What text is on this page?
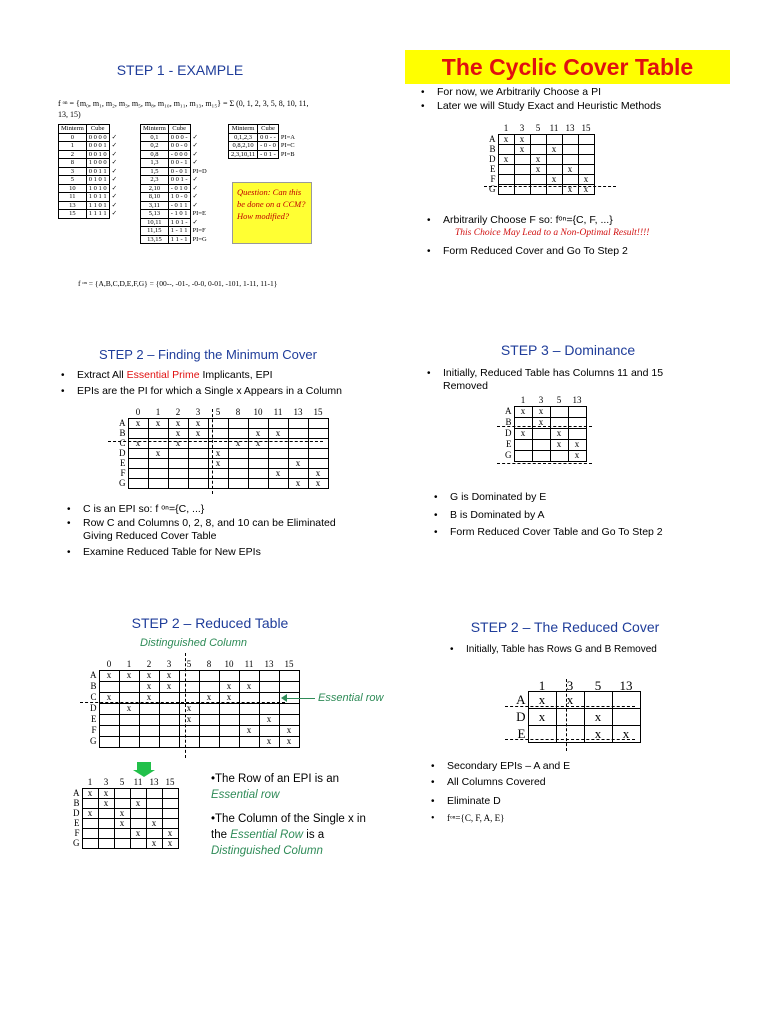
STEP 1 - EXAMPLE
f ᵒⁿ = {m₀, m₁, m₂, m₃, m₅, m₈, m₁₀, m₁₁, m₁₃, m₁₅} = Σ (0, 1, 2, 3, 5, 8, 10, 11, 13, 15)
Minterm	Cube	
0	0 0 0 0	✓
1	0 0 0 1	✓
2	0 0 1 0	✓
8	1 0 0 0	✓
3	0 0 1 1	✓
5	0 1 0 1	✓
10	1 0 1 0	✓
11	1 0 1 1	✓
13	1 1 0 1	✓
15	1 1 1 1	✓
Minterm	Cube	
0,1	0 0 0 -	✓
0,2	0 0 - 0	✓
0,8	- 0 0 0	✓
1,3	0 0 - 1	✓
1,5	0 - 0 1	PI=D
2,3	0 0 1 -	✓
2,10	- 0 1 0	✓
8,10	1 0 - 0	✓
3,11	- 0 1 1	✓
5,13	- 1 0 1	PI=E
10,11	1 0 1 -	✓
11,15	1 - 1 1	PI=F
13,15	1 1 - 1	PI=G
Minterm	Cube	
0,1,2,3	0 0 - -	PI=A
0,8,2,10	- 0 - 0	PI=C
2,3,10,11	- 0 1 -	PI=B
Question: Can this be done on a CCM? How modified?
f ᵒⁿ = {A,B,C,D,E,F,G} = {00--, -01-, -0-0, 0-01, -101, 1-11, 11-1}
The Cyclic Cover Table
• For now, we Arbitrarily Choose a PI
• Later we will Study Exact and Heuristic Methods
	1	3	5	11	13	15
A	x	x				
B		x		x		
D	x		x			
E			x		x	
F				x		x
G					x	x
• Arbitrarily Choose F so: fᵒⁿ={C, F, ...}
This Choice May Lead to a Non-Optimal Result!!!!
• Form Reduced Cover and Go To Step 2
STEP 2 – Finding the Minimum Cover
• Extract All Essential Prime Implicants, EPI
• EPIs are the PI for which a Single x Appears in a Column
	0	1	2	3	5	8	10	11	13	15
A	x	x	x	x						
B			x	x			x	x		
C	x		x			x	x			
D		x			x					
E					x				x	
F								x		x
G									x	x
• C is an EPI so: f ᵒⁿ={C, ...}
• Row C and Columns 0, 2, 8, and 10 can be Eliminated Giving Reduced Cover Table
• Examine Reduced Table for New EPIs
STEP 3 – Dominance
• Initially, Reduced Table has Columns 11 and 15 Removed
	1	3	5	13
A	x	x		
B		x		
D	x		x	
E			x	x
G				x
• G is Dominated by E
• B is Dominated by A
• Form Reduced Cover Table and Go To Step 2
STEP 2 – Reduced Table
Distinguished Column
	0	1	2	3	5	8	10	11	13	15
A	x	x	x	x						
B			x	x			x	x		
C	x		x			x	x			
D		x			x					
E					x				x	
F								x		x
G									x	x
Essential row
	1	3	5	11	13	15
A	x	x				
B		x		x		
D	x		x			
E			x		x	
F				x		x
G					x	x
•The Row of an EPI is an Essential row
•The Column of the Single x in the Essential Row is a Distinguished Column
STEP 2 – The Reduced Cover
• Initially, Table has Rows G and B Removed
	1	3	5	13
A	x	x		
D	x		x	
E			x	x
• Secondary EPIs – A and E
• All Columns Covered
• Eliminate D
• fᵒⁿ={C, F, A, E}
